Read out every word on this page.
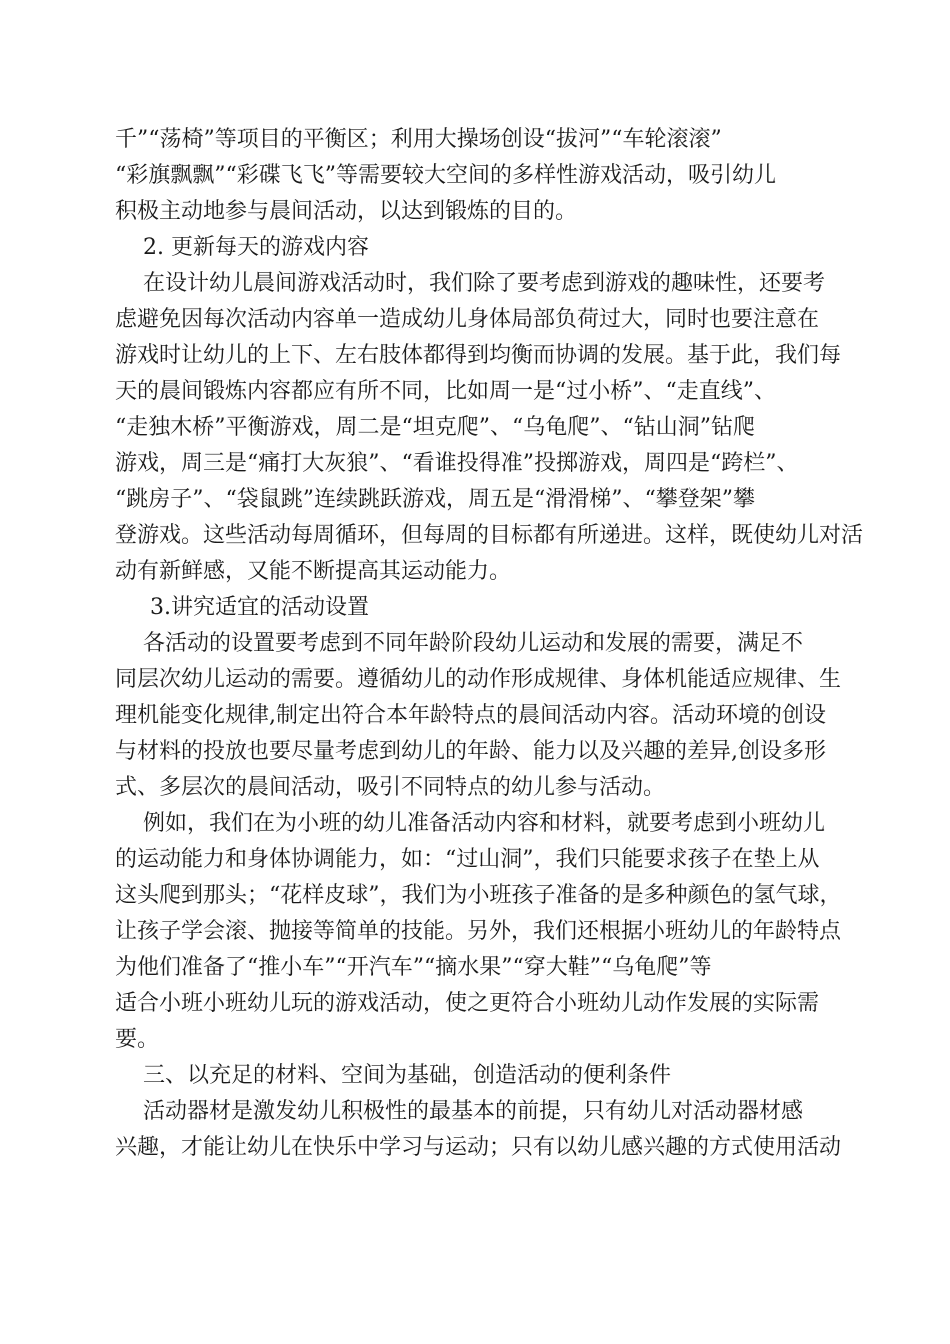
千”“荡椅”等项目的平衡区；利用大操场创设“拔河”“车轮滚滚”
“彩旗飘飘”“彩碟飞飞”等需要较大空间的多样性游戏活动，吸引幼儿
积极主动地参与晨间活动，以达到锻炼的目的。
2. 更新每天的游戏内容
在设计幼儿晨间游戏活动时，我们除了要考虑到游戏的趣味性，还要考
虑避免因每次活动内容单一造成幼儿身体局部负荷过大，同时也要注意在
游戏时让幼儿的上下、左右肢体都得到均衡而协调的发展。基于此，我们每
天的晨间锻炼内容都应有所不同，比如周一是“过小桥”、“走直线”、
“走独木桥”平衡游戏，周二是“坦克爬”、“乌龟爬”、“钻山洞”钻爬
游戏，周三是“痛打大灰狼”、“看谁投得准”投掷游戏，周四是“跨栏”、
“跳房子”、“袋鼠跳”连续跳跃游戏，周五是“滑滑梯”、“攀登架”攀
登游戏。这些活动每周循环，但每周的目标都有所递进。这样，既使幼儿对活
动有新鲜感，又能不断提高其运动能力。
3.讲究适宜的活动设置
各活动的设置要考虑到不同年龄阶段幼儿运动和发展的需要，满足不
同层次幼儿运动的需要。遵循幼儿的动作形成规律、身体机能适应规律、生
理机能变化规律,制定出符合本年龄特点的晨间活动内容。活动环境的创设
与材料的投放也要尽量考虑到幼儿的年龄、能力以及兴趣的差异,创设多形
式、多层次的晨间活动，吸引不同特点的幼儿参与活动。
例如，我们在为小班的幼儿准备活动内容和材料，就要考虑到小班幼儿
的运动能力和身体协调能力，如：“过山洞”，我们只能要求孩子在垫上从
这头爬到那头；“花样皮球”，我们为小班孩子准备的是多种颜色的氢气球，
让孩子学会滚、抛接等简单的技能。另外，我们还根据小班幼儿的年龄特点
为他们准备了“推小车”“开汽车”“摘水果”“穿大鞋”“乌龟爬”等
适合小班小班幼儿玩的游戏活动，使之更符合小班幼儿动作发展的实际需
要。
三、以充足的材料、空间为基础，创造活动的便利条件
活动器材是激发幼儿积极性的最基本的前提，只有幼儿对活动器材感
兴趣，才能让幼儿在快乐中学习与运动；只有以幼儿感兴趣的方式使用活动
